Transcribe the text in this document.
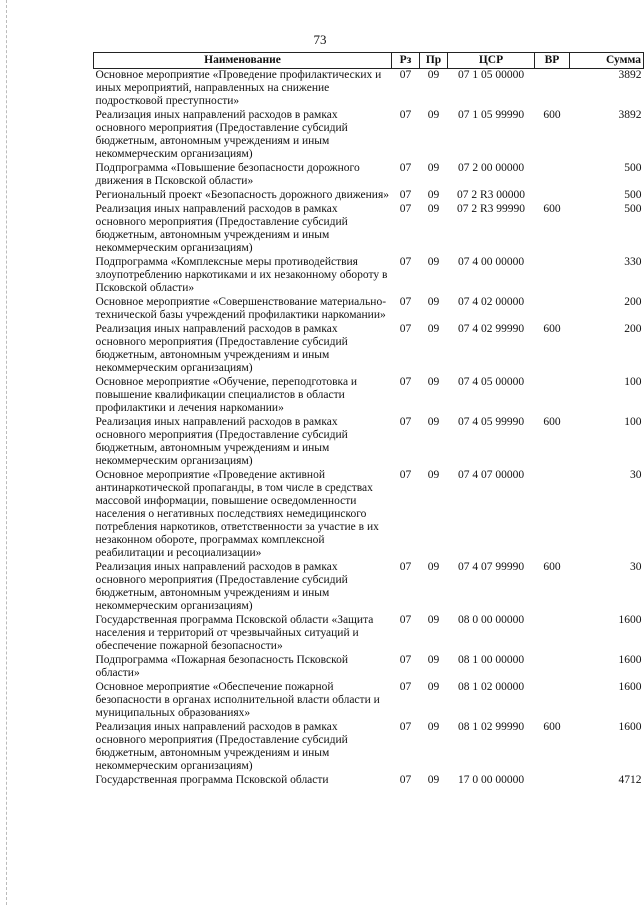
73
Наименование	Рз	Пр	ЦСР	ВР	Сумма
Основное мероприятие «Проведение профилактических и иных мероприятий, направленных на снижение подростковой преступности»	07	09	07 1 05 00000		3892
Реализация иных направлений расходов в рамках основного мероприятия (Предоставление субсидий бюджетным, автономным учреждениям и иным некоммерческим организациям)	07	09	07 1 05 99990	600	3892
Подпрограмма «Повышение безопасности дорожного движения в Псковской области»	07	09	07 2 00 00000		500
Региональный проект «Безопасность дорожного движения»	07	09	07 2 R3 00000		500
Реализация иных направлений расходов в рамках основного мероприятия (Предоставление субсидий бюджетным, автономным учреждениям и иным некоммерческим организациям)	07	09	07 2 R3 99990	600	500
Подпрограмма «Комплексные меры противодействия злоупотреблению наркотиками и их незаконному обороту в Псковской области»	07	09	07 4 00 00000		330
Основное мероприятие «Совершенствование материально-технической базы учреждений профилактики наркомании»	07	09	07 4 02 00000		200
Реализация иных направлений расходов в рамках основного мероприятия (Предоставление субсидий бюджетным, автономным учреждениям и иным некоммерческим организациям)	07	09	07 4 02 99990	600	200
Основное мероприятие «Обучение, переподготовка и повышение квалификации специалистов в области профилактики и лечения наркомании»	07	09	07 4 05 00000		100
Реализация иных направлений расходов в рамках основного мероприятия (Предоставление субсидий бюджетным, автономным учреждениям и иным некоммерческим организациям)	07	09	07 4 05 99990	600	100
Основное мероприятие «Проведение активной антинаркотической пропаганды, в том числе в средствах массовой информации, повышение осведомленности населения о негативных последствиях немедицинского потребления наркотиков, ответственности за участие в их незаконном обороте, программах комплексной реабилитации и ресоциализации»	07	09	07 4 07 00000		30
Реализация иных направлений расходов в рамках основного мероприятия (Предоставление субсидий бюджетным, автономным учреждениям и иным некоммерческим организациям)	07	09	07 4 07 99990	600	30
Государственная программа Псковской области «Защита населения и территорий от чрезвычайных ситуаций и обеспечение пожарной безопасности»	07	09	08 0 00 00000		1600
Подпрограмма «Пожарная безопасность Псковской области»	07	09	08 1 00 00000		1600
Основное мероприятие «Обеспечение пожарной безопасности в органах исполнительной власти области и муниципальных образованиях»	07	09	08 1 02 00000		1600
Реализация иных направлений расходов в рамках основного мероприятия (Предоставление субсидий бюджетным, автономным учреждениям и иным некоммерческим организациям)	07	09	08 1 02 99990	600	1600
Государственная программа Псковской области	07	09	17 0 00 00000		4712
